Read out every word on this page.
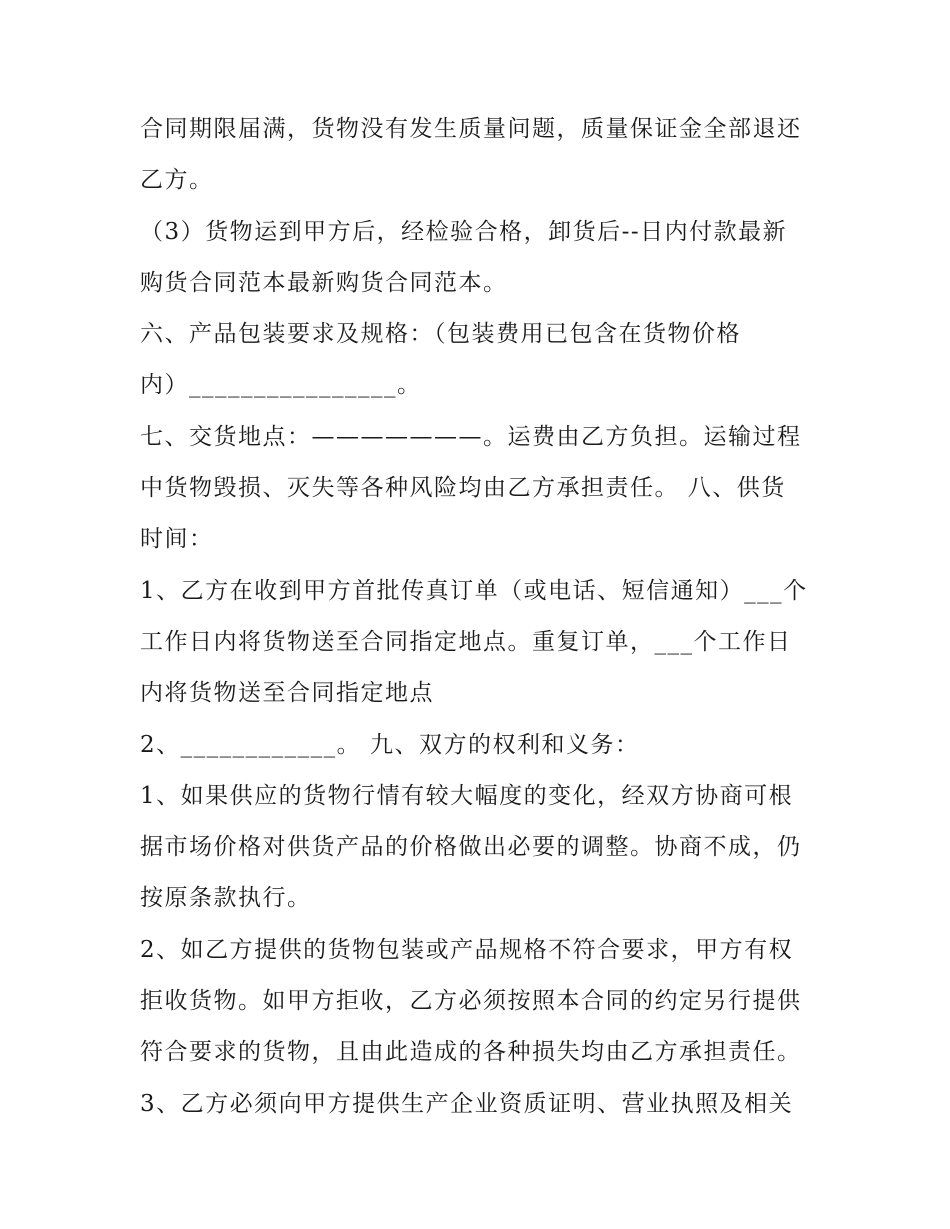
合同期限届满，货物没有发生质量问题，质量保证金全部退还
乙方。
（3）货物运到甲方后，经检验合格，卸货后--日内付款最新
购货合同范本最新购货合同范本。
六、产品包装要求及规格：（包装费用已包含在货物价格
内）________________。
七、交货地点：———————。运费由乙方负担。运输过程
中货物毁损、灭失等各种风险均由乙方承担责任。 八、供货
时间：
1、乙方在收到甲方首批传真订单（或电话、短信通知）___个
工作日内将货物送至合同指定地点。重复订单，___个工作日
内将货物送至合同指定地点
2、____________。 九、双方的权利和义务：
1、如果供应的货物行情有较大幅度的变化，经双方协商可根
据市场价格对供货产品的价格做出必要的调整。协商不成，仍
按原条款执行。
2、如乙方提供的货物包装或产品规格不符合要求，甲方有权
拒收货物。如甲方拒收，乙方必须按照本合同的约定另行提供
符合要求的货物，且由此造成的各种损失均由乙方承担责任。
3、乙方必须向甲方提供生产企业资质证明、营业执照及相关
